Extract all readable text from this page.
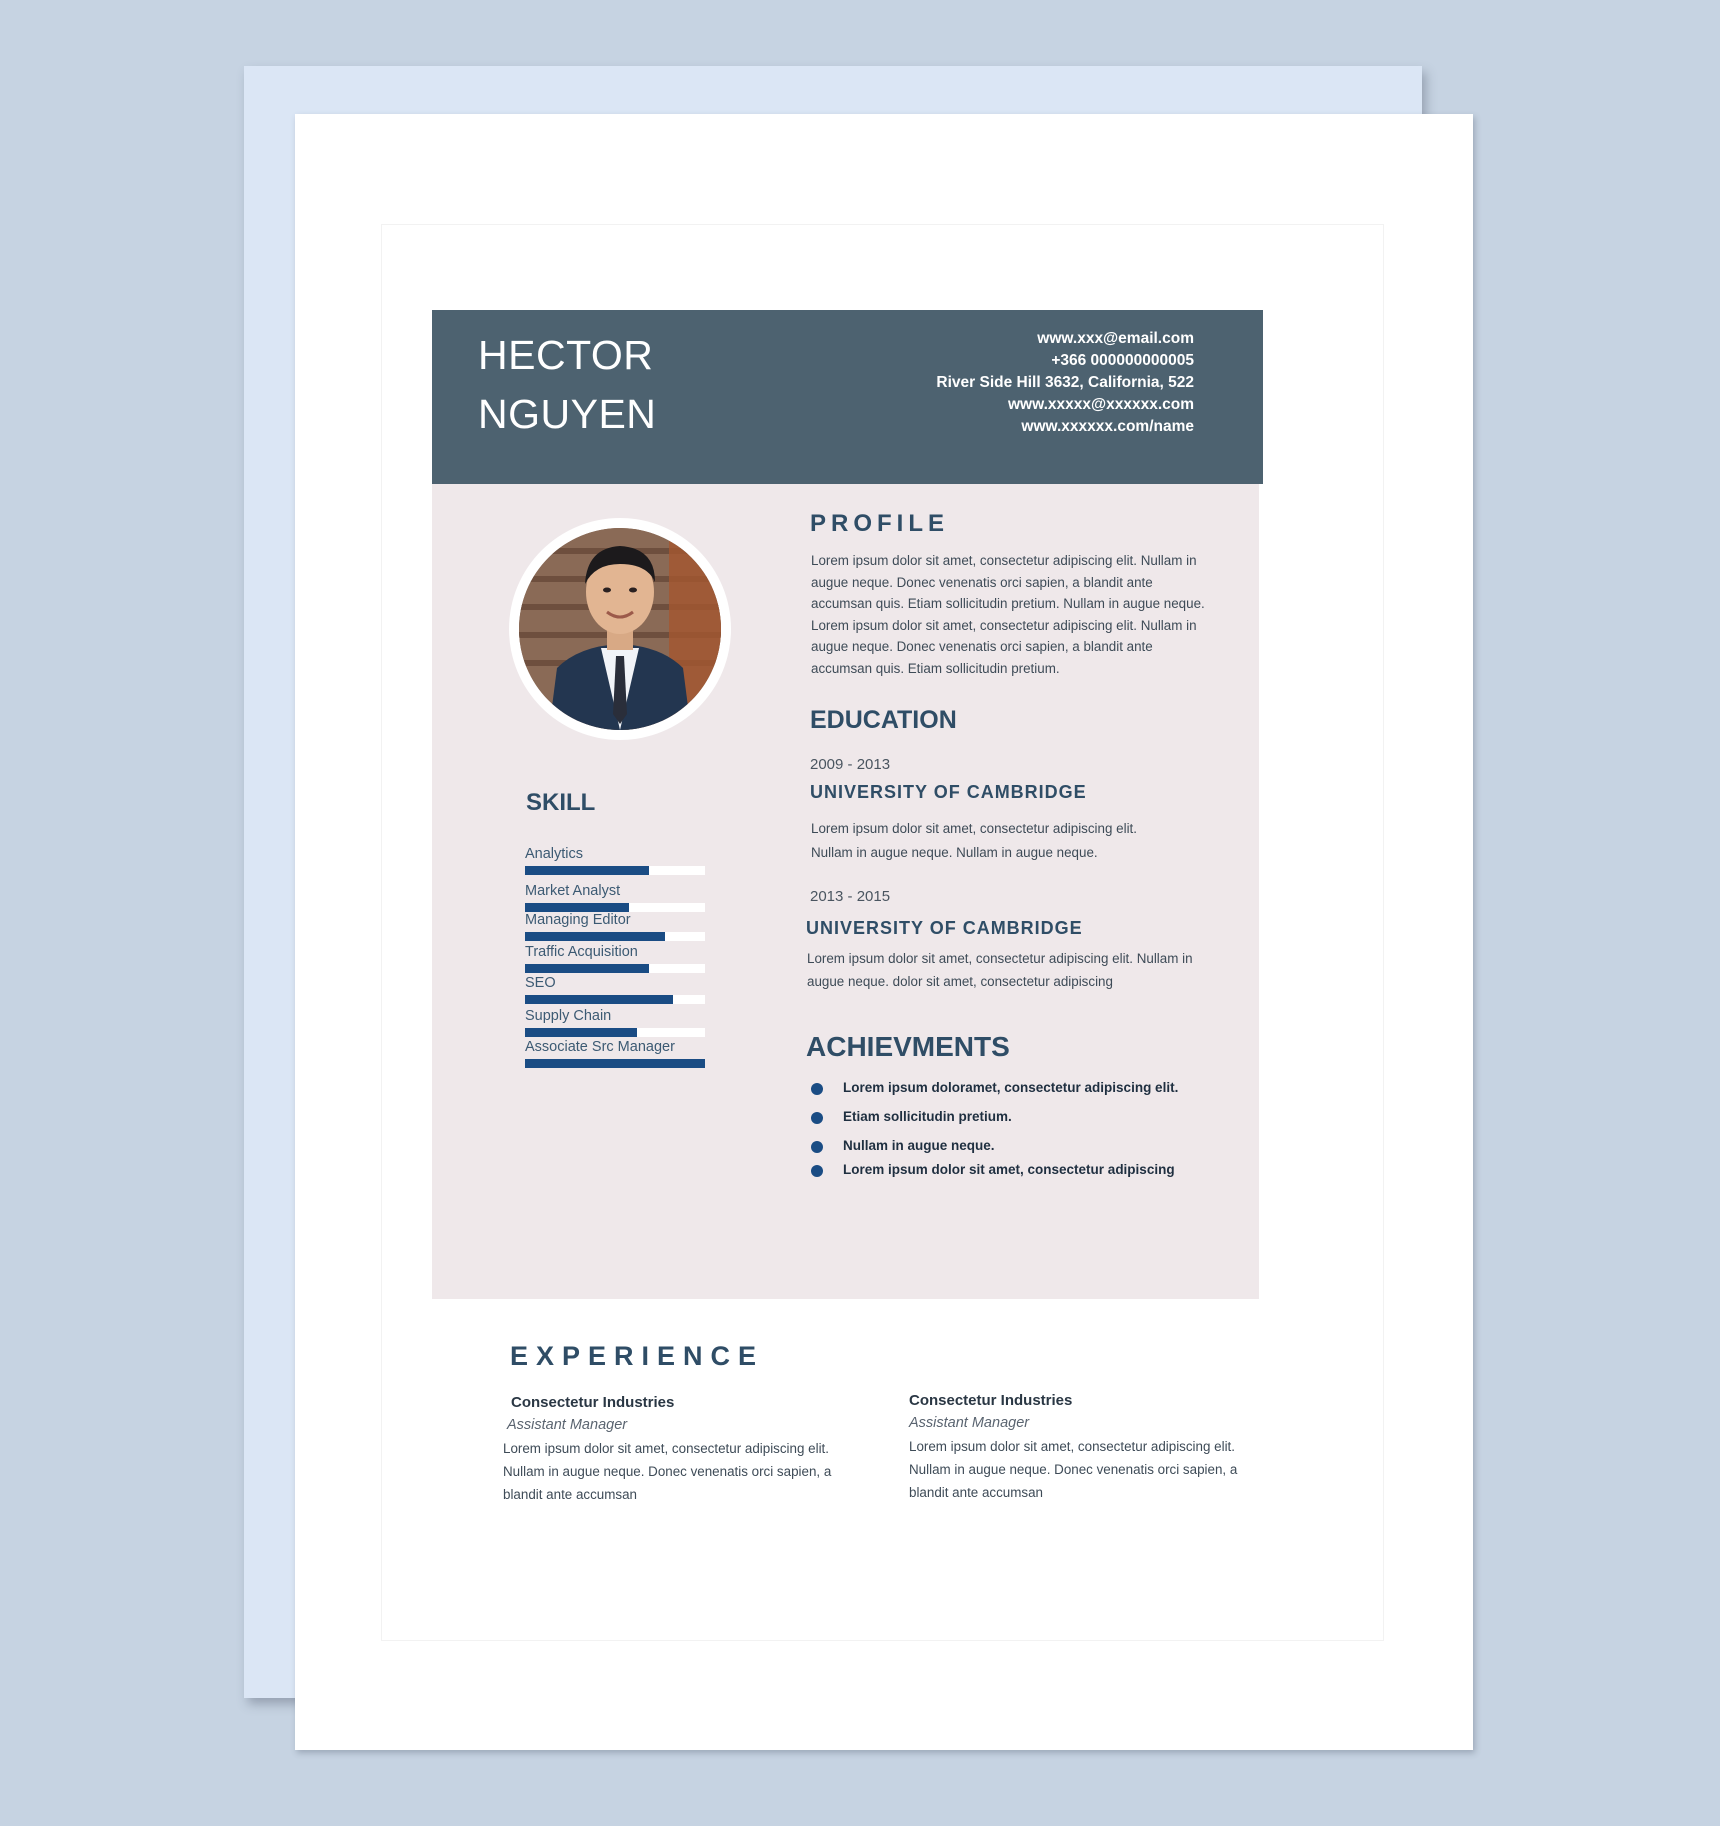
HECTOR
NGUYEN
www.xxx@email.com
+366 000000000005
River Side Hill 3632, California, 522
www.xxxxx@xxxxxx.com
www.xxxxxx.com/name
SKILL
Analytics
Market Analyst
Managing Editor
Traffic Acquisition
SEO
Supply Chain
Associate Src Manager
PROFILE
Lorem ipsum dolor sit amet, consectetur adipiscing elit. Nullam in
augue neque. Donec venenatis orci sapien, a blandit ante
accumsan quis. Etiam sollicitudin pretium. Nullam in augue neque.
Lorem ipsum dolor sit amet, consectetur adipiscing elit. Nullam in
augue neque. Donec venenatis orci sapien, a blandit ante
accumsan quis. Etiam sollicitudin pretium.
EDUCATION
2009 - 2013
UNIVERSITY OF CAMBRIDGE
Lorem ipsum dolor sit amet, consectetur adipiscing elit.
Nullam in augue neque. Nullam in augue neque.
2013 - 2015
UNIVERSITY OF CAMBRIDGE
Lorem ipsum dolor sit amet, consectetur adipiscing elit. Nullam in
augue neque. dolor sit amet, consectetur adipiscing
ACHIEVMENTS
Lorem ipsum doloramet, consectetur adipiscing elit.
Etiam sollicitudin pretium.
Nullam in augue neque.
Lorem ipsum dolor sit amet, consectetur adipiscing
EXPERIENCE
Consectetur Industries
Assistant Manager
Lorem ipsum dolor sit amet, consectetur adipiscing elit.
Nullam in augue neque. Donec venenatis orci sapien, a
blandit ante accumsan
Consectetur Industries
Assistant Manager
Lorem ipsum dolor sit amet, consectetur adipiscing elit.
Nullam in augue neque. Donec venenatis orci sapien, a
blandit ante accumsan
